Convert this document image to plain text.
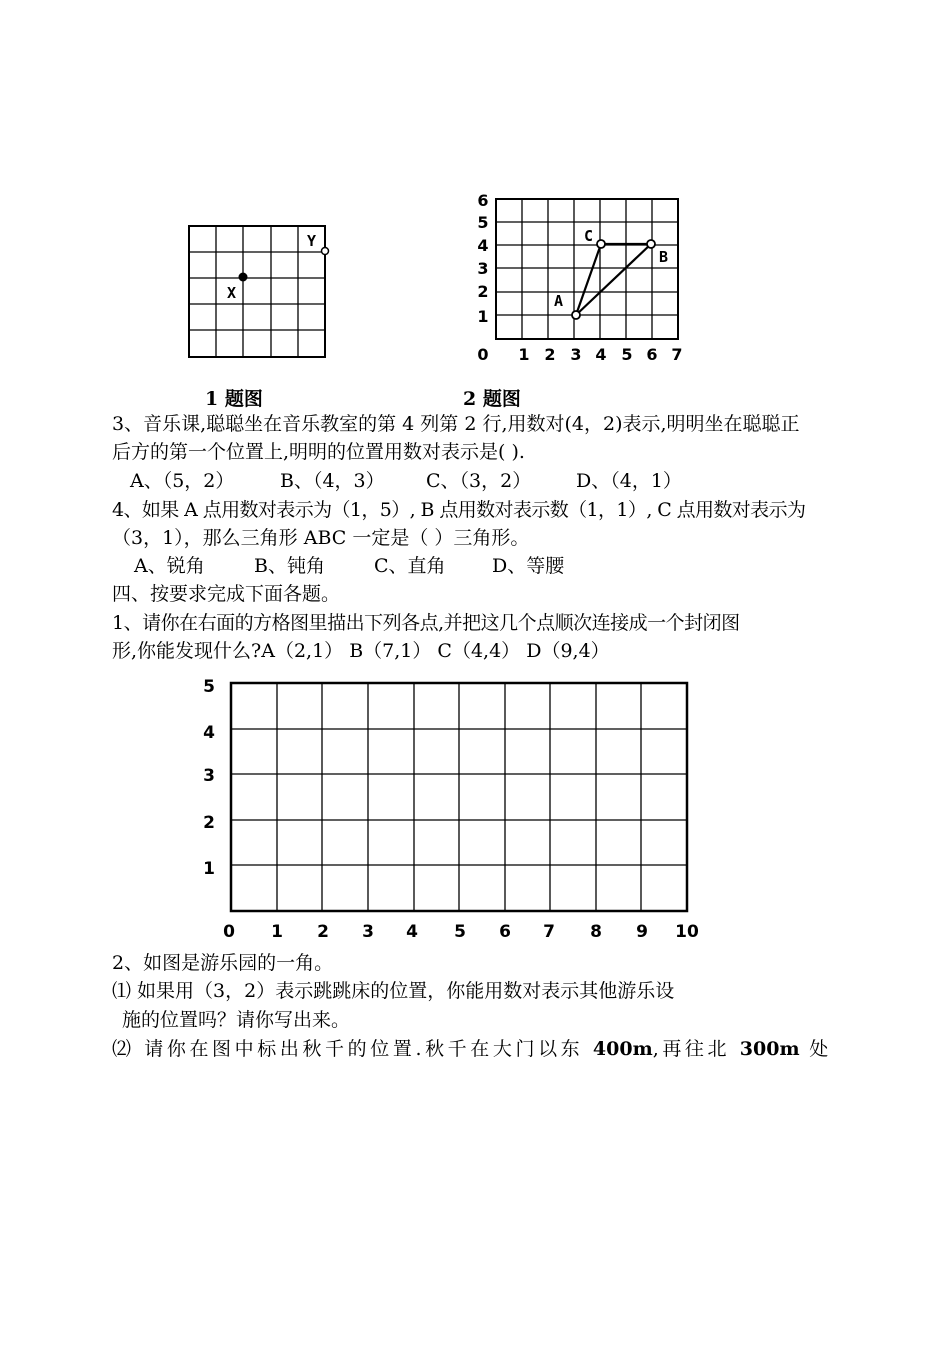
X
Y
A
C
B
0 1 2 3 4 5 6 7
1
2
3
4
5
6
1 题图	2 题图
3、音乐课,聪聪坐在音乐教室的第 4 列第 2 行,用数对(4，2)表示,明明坐在聪聪正
后方的第一个位置上,明明的位置用数对表示是( ).
A、（5，2） B、（4，3） C、（3，2） D、（4，1）
4、如果 A 点用数对表示为（1，5）, B 点用数对表示数（1，1）, C 点用数对表示为
（3，1），那么三角形 ABC 一定是（ ）三角形。
A、锐角	B、钝角	C、直角 D、等腰
四、按要求完成下面各题。
1、请你在右面的方格图里描出下列各点,并把这几个点顺次连接成一个封闭图
形,你能发现什么?A（2,1） B（7,1） C（4,4） D（9,4）
0 1 2 3 4 5 6 7 8 9 10
1
2
3
4
5
2、如图是游乐园的一角。
⑴ 如果用（3，2）表示跳跳床的位置，你能用数对表示其他游乐设
施的位置吗？请你写出来。
⑵ 请你在图中标出秋千的位置.秋千在大门以东 400m,再往北 300m 处
